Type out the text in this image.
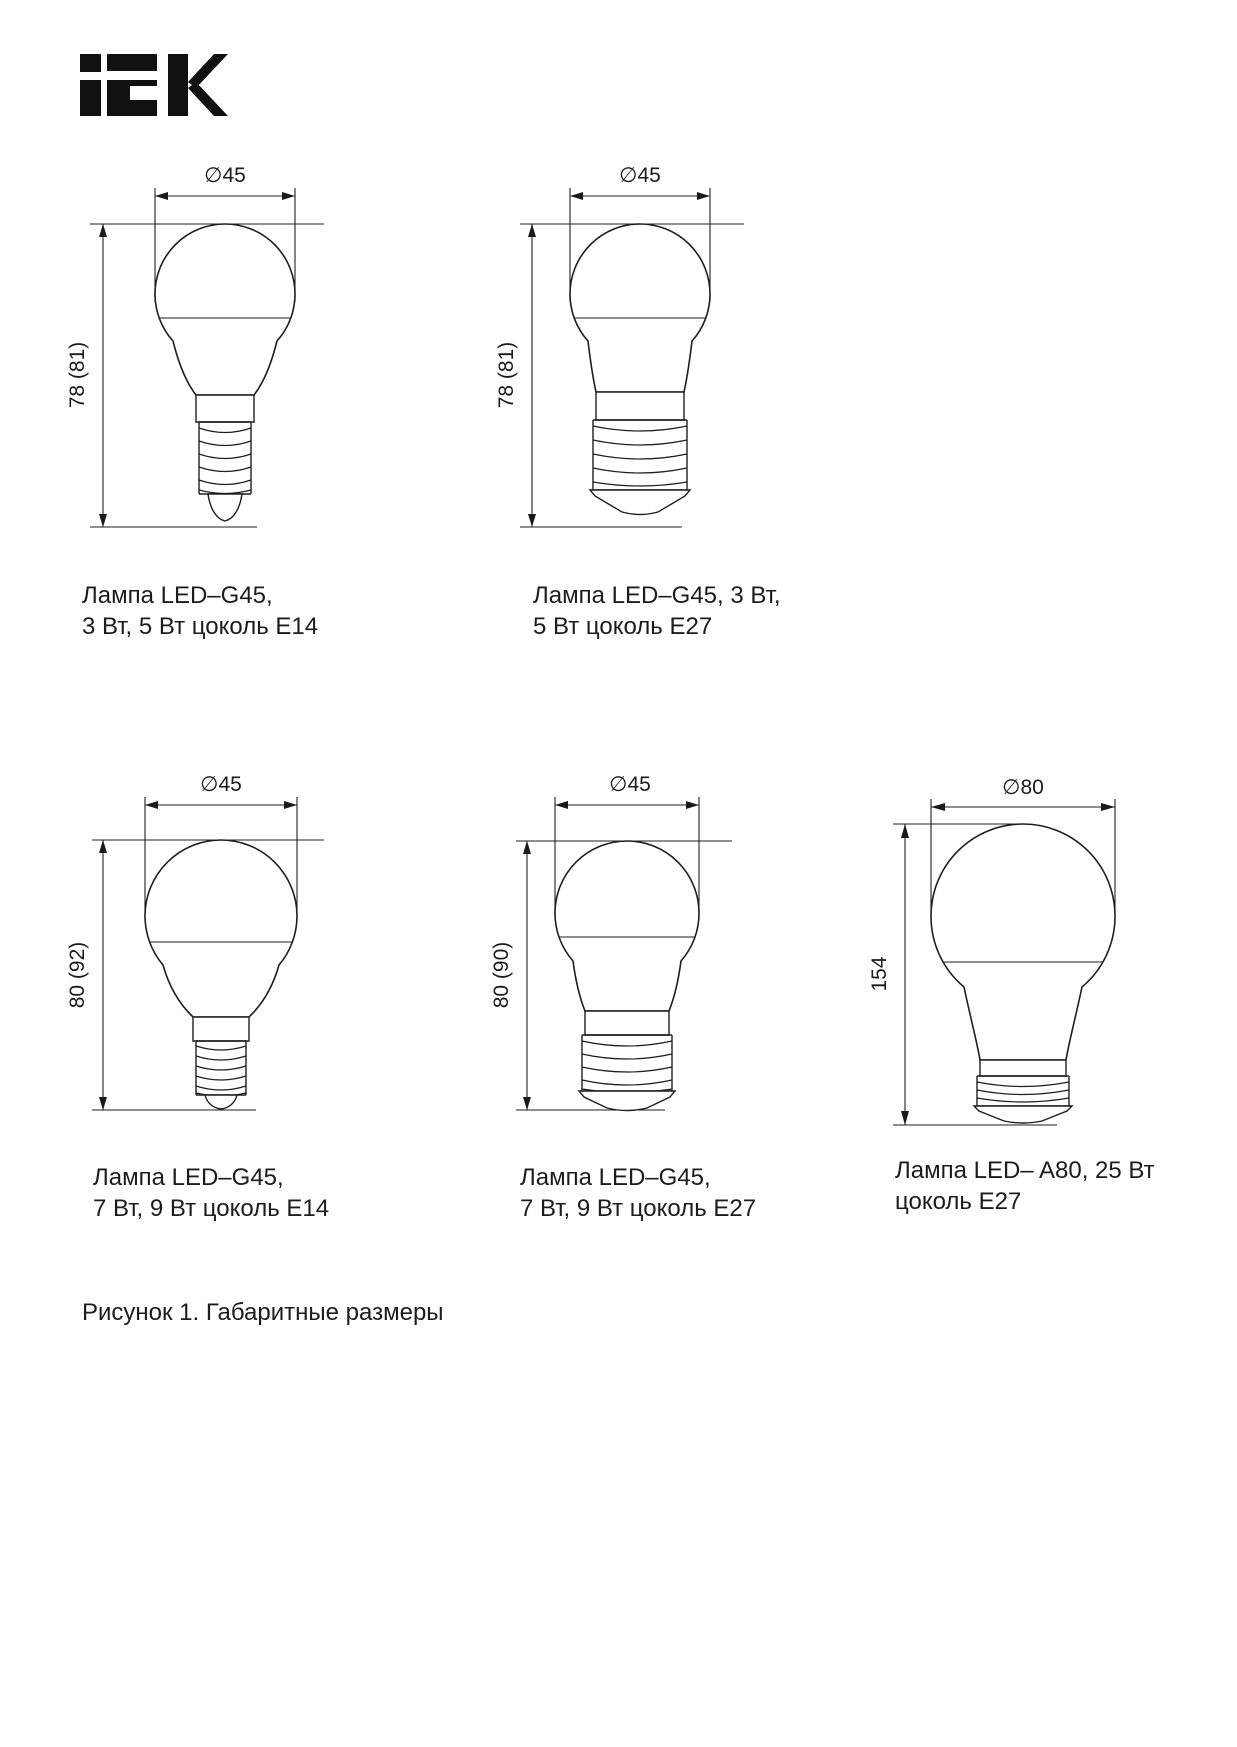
∅45
78 (81)
∅45
78 (81)
∅45
80 (92)
∅45
80 (90)
∅80
154
Лампа LED–G45,
3 Вт, 5 Вт цоколь E14
Лампа LED–G45, 3 Вт,
5 Вт цоколь E27
Лампа LED–G45,
7 Вт, 9 Вт цоколь E14
Лампа LED–G45,
7 Вт, 9 Вт цоколь E27
Лампа LED– A80, 25 Вт
цоколь E27
Рисунок 1. Габаритные размеры
